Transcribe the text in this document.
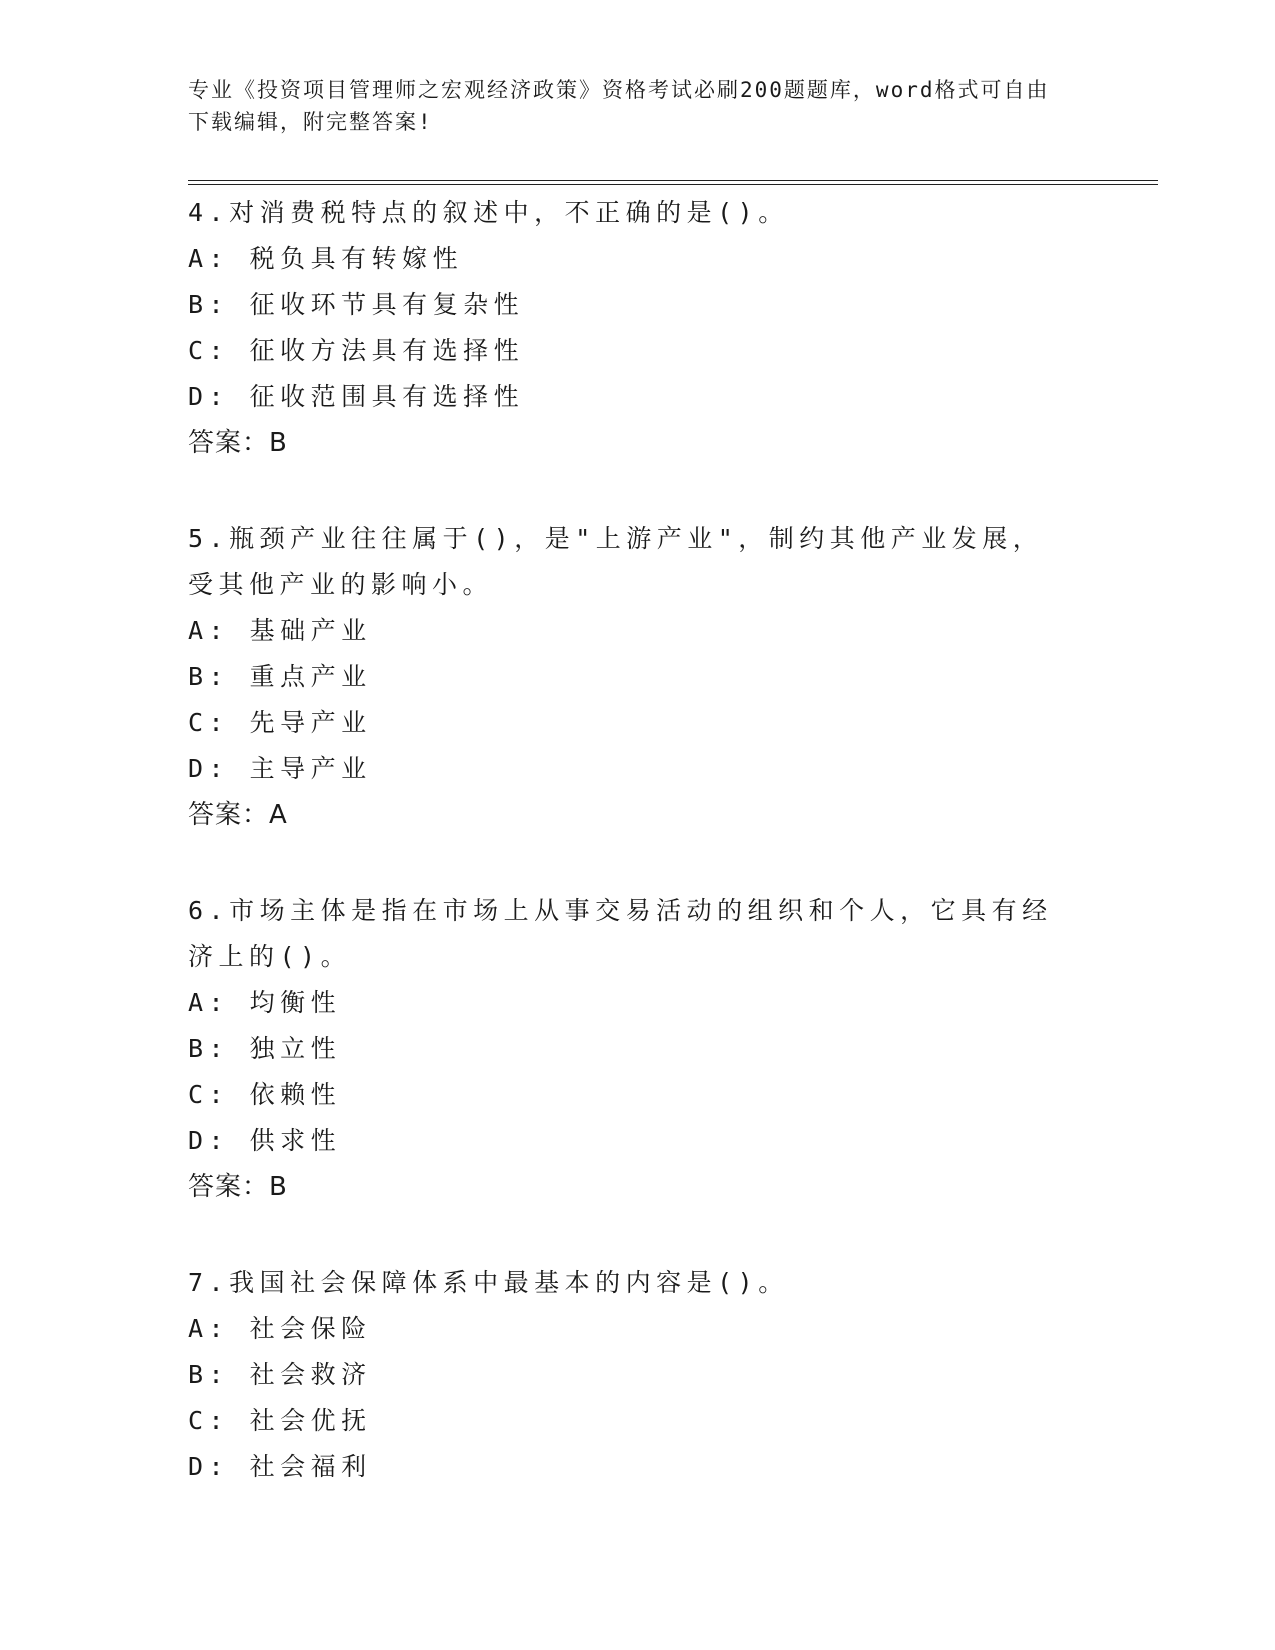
专业《投资项目管理师之宏观经济政策》资格考试必刷200题题库，word格式可自由下载编辑，附完整答案!
4.对消费税特点的叙述中，不正确的是()。
A: 税负具有转嫁性
B: 征收环节具有复杂性
C: 征收方法具有选择性
D: 征收范围具有选择性
答案：B
5.瓶颈产业往往属于()，是"上游产业"，制约其他产业发展，受其他产业的影响小。
A: 基础产业
B: 重点产业
C: 先导产业
D: 主导产业
答案：A
6.市场主体是指在市场上从事交易活动的组织和个人，它具有经济上的()。
A: 均衡性
B: 独立性
C: 依赖性
D: 供求性
答案：B
7.我国社会保障体系中最基本的内容是()。
A: 社会保险
B: 社会救济
C: 社会优抚
D: 社会福利
